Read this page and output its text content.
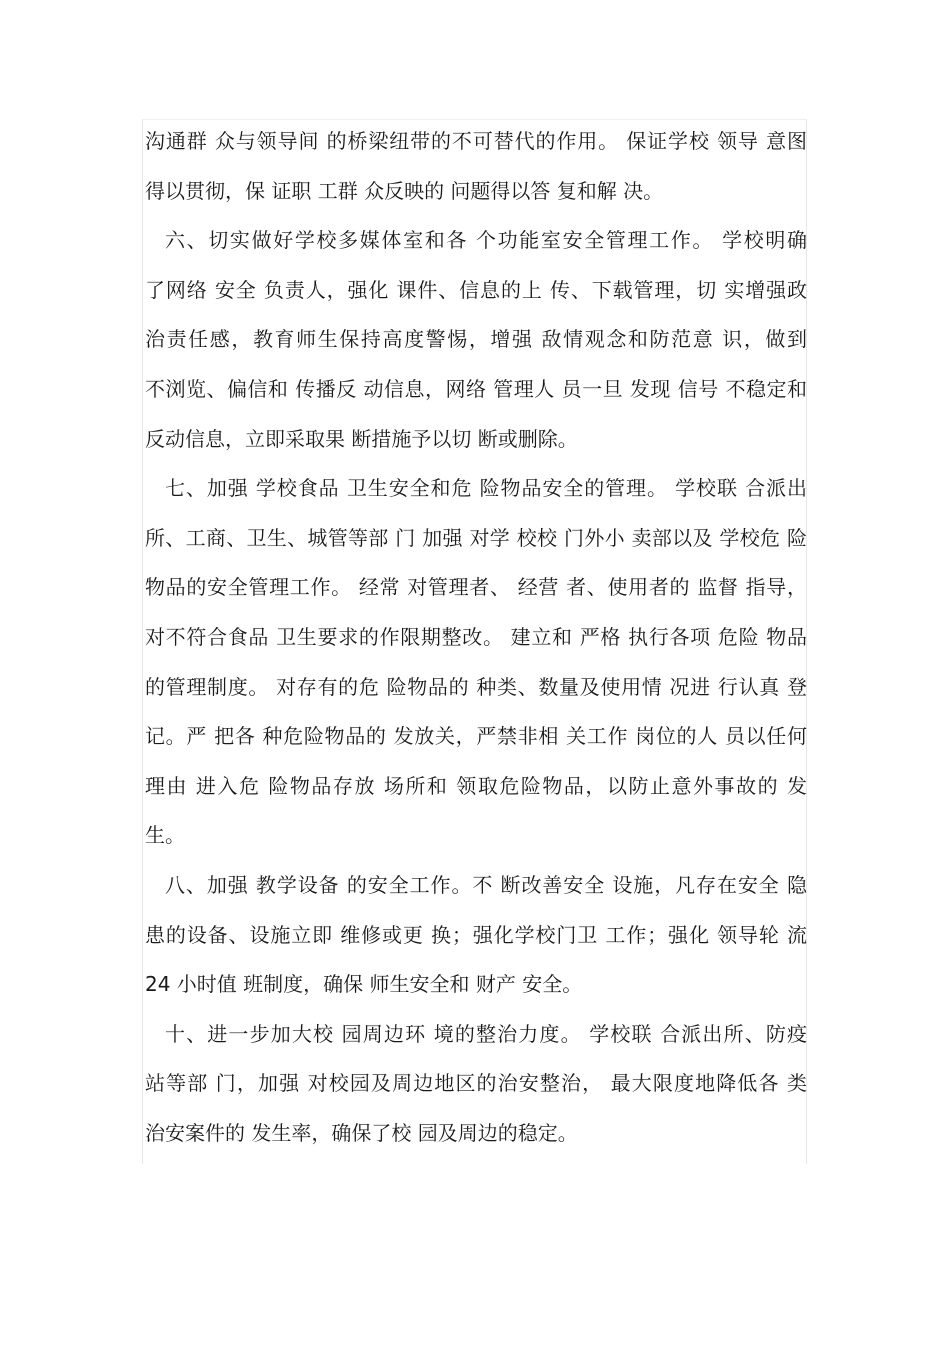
沟通群 众与领导间 的桥梁纽带的不可替代的作用。 保证学校 领导 意图
得以贯彻，保 证职 工群 众反映的 问题得以答 复和解 决。
六、切实做好学校多媒体室和各 个功能室安全管理工作。 学校明确
了网络 安全 负责人，强化 课件、信息的上 传、下载管理，切 实增强政
治责任感，教育师生保持高度警惕，增强 敌情观念和防范意 识，做到
不浏览、偏信和 传播反 动信息，网络 管理人 员一旦 发现 信号 不稳定和
反动信息，立即采取果 断措施予以切 断或删除。
七、加强 学校食品 卫生安全和危 险物品安全的管理。 学校联 合派出
所、工商、卫生、城管等部 门 加强 对学 校校 门外小 卖部以及 学校危 险
物品的安全管理工作。 经常 对管理者、 经营 者、使用者的 监督 指导，
对不符合食品 卫生要求的作限期整改。 建立和 严格 执行各项 危险 物品
的管理制度。 对存有的危 险物品的 种类、数量及使用情 况进 行认真 登
记。严 把各 种危险物品的 发放关，严禁非相 关工作 岗位的人 员以任何
理由 进入危 险物品存放 场所和 领取危险物品，以防止意外事故的 发
生。
八、加强 教学设备 的安全工作。不 断改善安全 设施，凡存在安全 隐
患的设备、设施立即 维修或更 换；强化学校门卫 工作；强化 领导轮 流
24 小时值 班制度，确保 师生安全和 财产 安全。
十、进一步加大校 园周边环 境的整治力度。 学校联 合派出所、防疫
站等部 门，加强 对校园及周边地区的治安整治， 最大限度地降低各 类
治安案件的 发生率，确保了校 园及周边的稳定。
